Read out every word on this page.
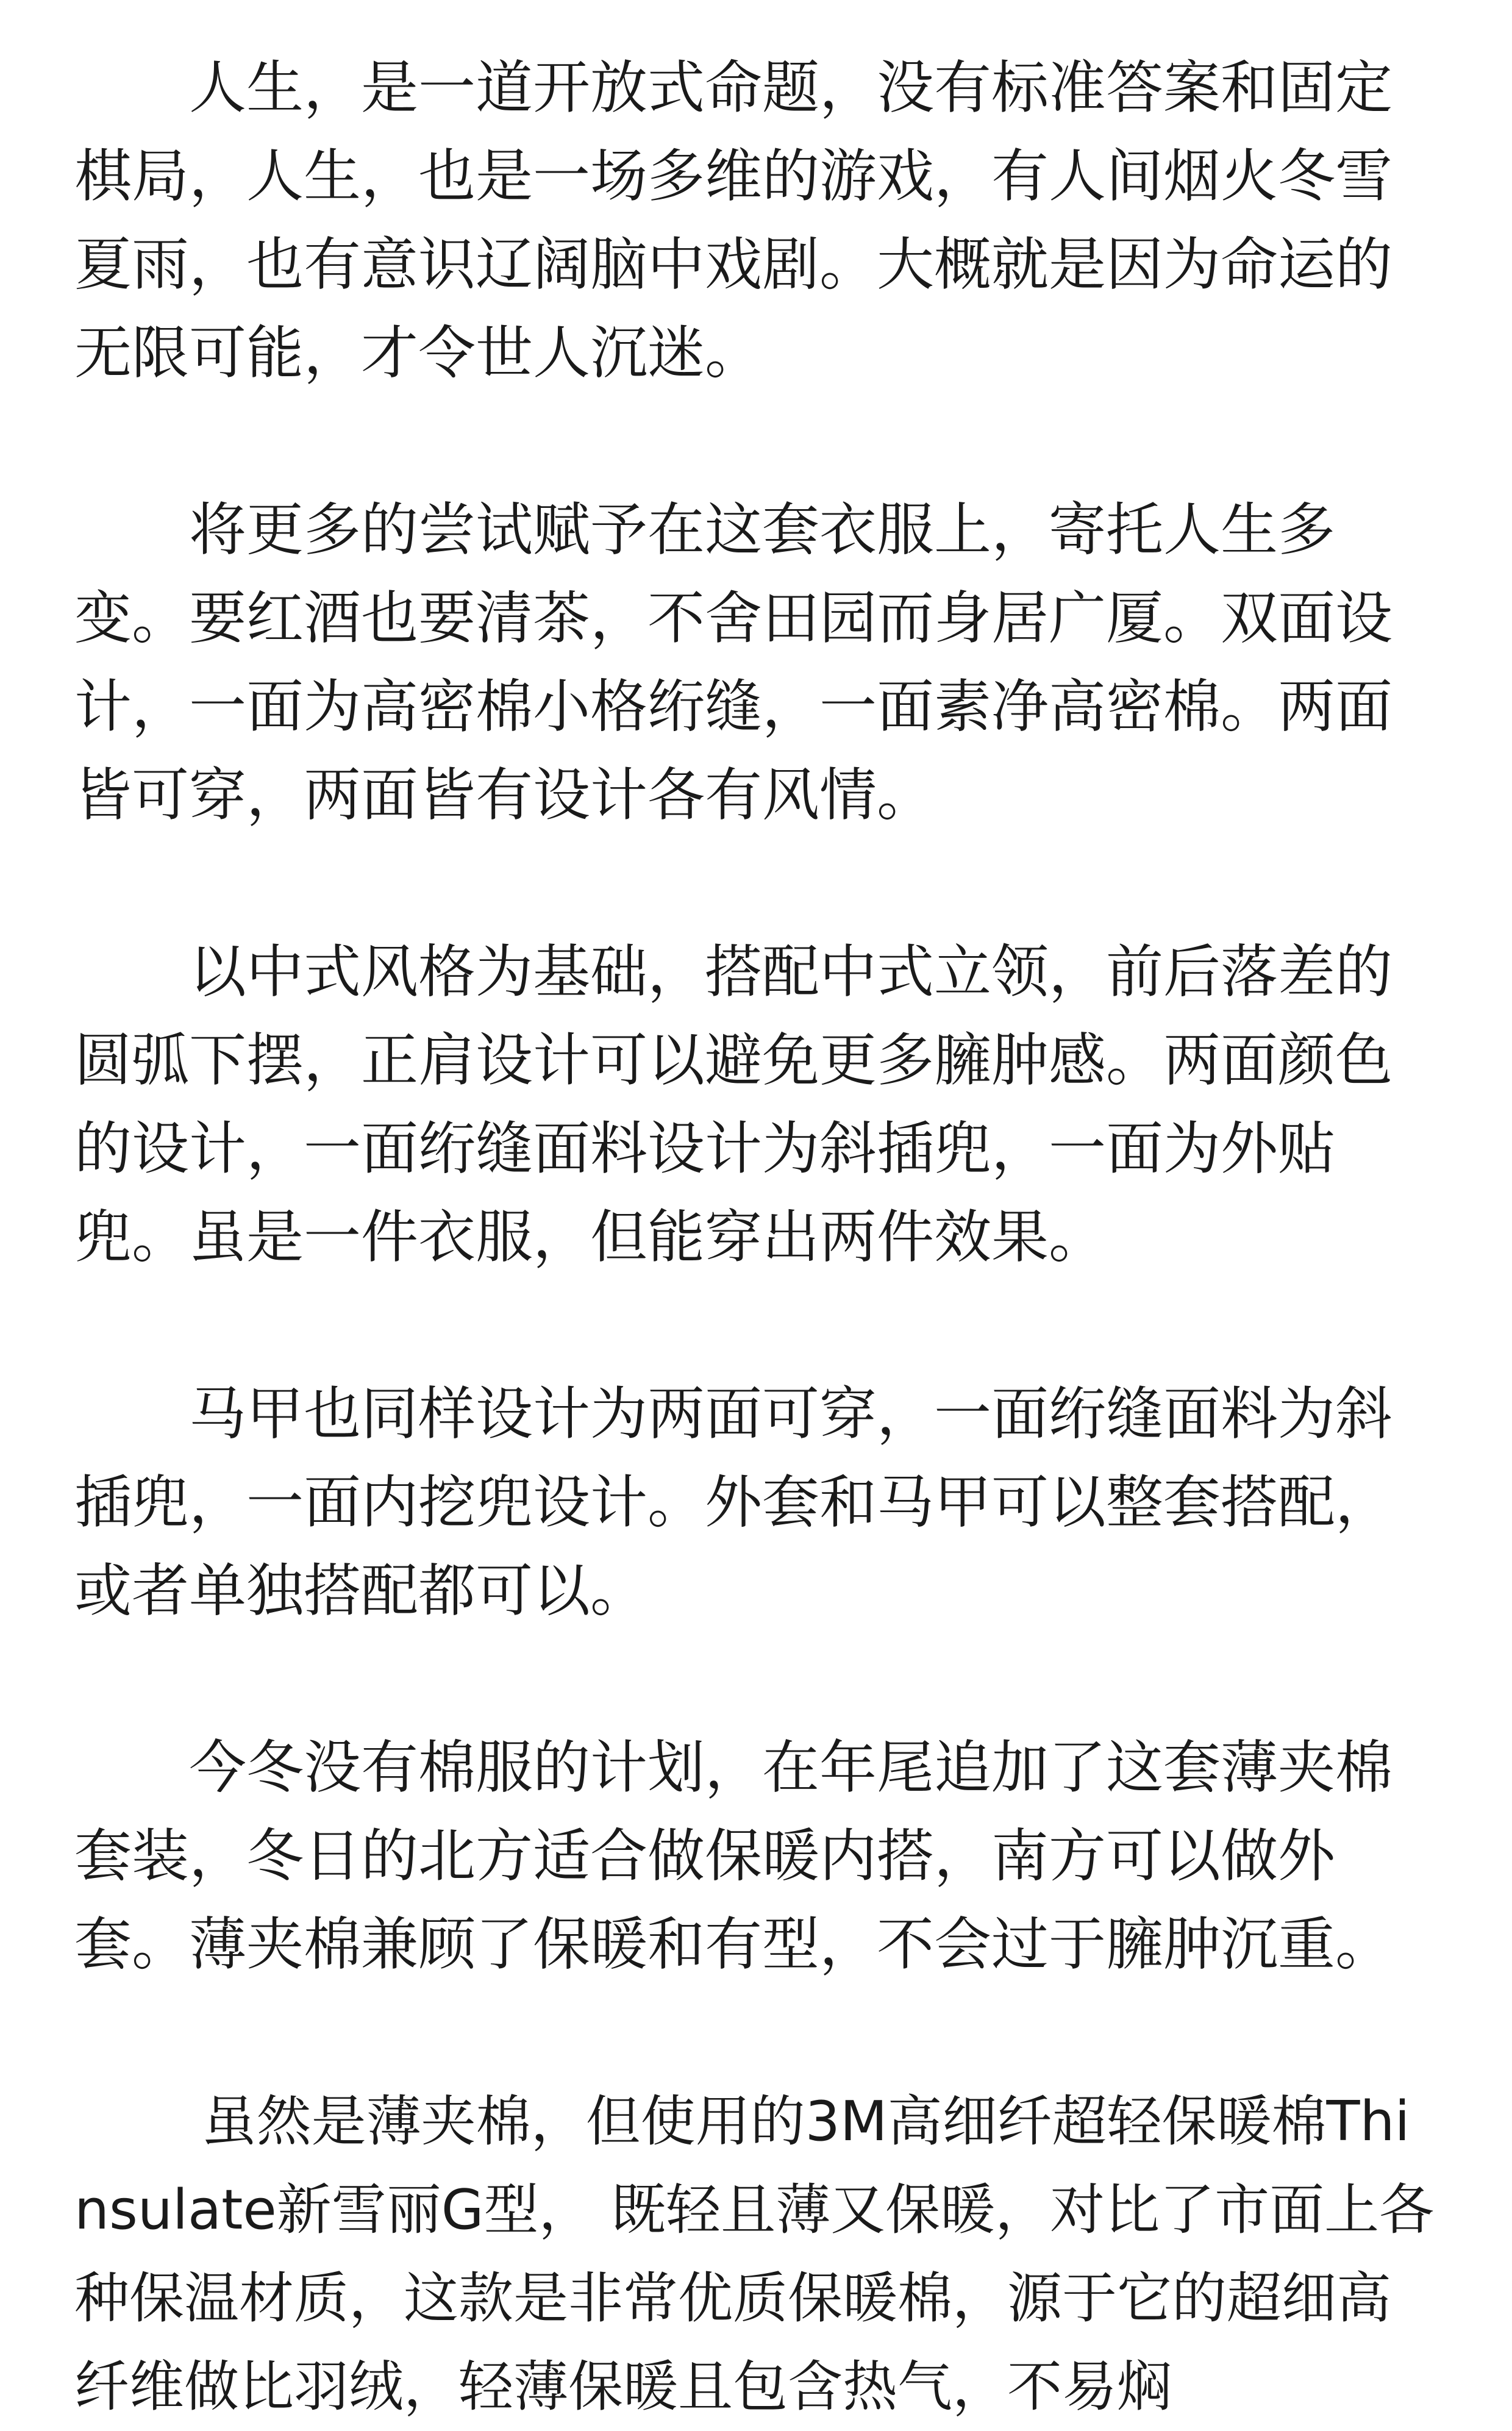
　　人生，是一道开放式命题，没有标准答案和固定棋局，人生，也是一场多维的游戏，有人间烟火冬雪夏雨，也有意识辽阔脑中戏剧。大概就是因为命运的无限可能，才令世人沉迷。

　　将更多的尝试赋予在这套衣服上，寄托人生多变。要红酒也要清茶，不舍田园而身居广厦。双面设计，一面为高密棉小格绗缝，一面素净高密棉。两面皆可穿，两面皆有设计各有风情。

　　以中式风格为基础，搭配中式立领，前后落差的圆弧下摆，正肩设计可以避免更多臃肿感。两面颜色的设计，一面绗缝面料设计为斜插兜，一面为外贴兜。虽是一件衣服，但能穿出两件效果。

　　马甲也同样设计为两面可穿，一面绗缝面料为斜插兜，一面内挖兜设计。外套和马甲可以整套搭配，或者单独搭配都可以。

　　今冬没有棉服的计划，在年尾追加了这套薄夹棉套装，冬日的北方适合做保暖内搭，南方可以做外套。薄夹棉兼顾了保暖和有型，不会过于臃肿沉重。

　　 虽然是薄夹棉，但使用的3M高细纤超轻保暖棉Thinsulate新雪丽G型， 既轻且薄又保暖，对比了市面上各种保温材质，这款是非常优质保暖棉，源于它的超细高纤维做比羽绒，轻薄保暖且包含热气，不易焖
